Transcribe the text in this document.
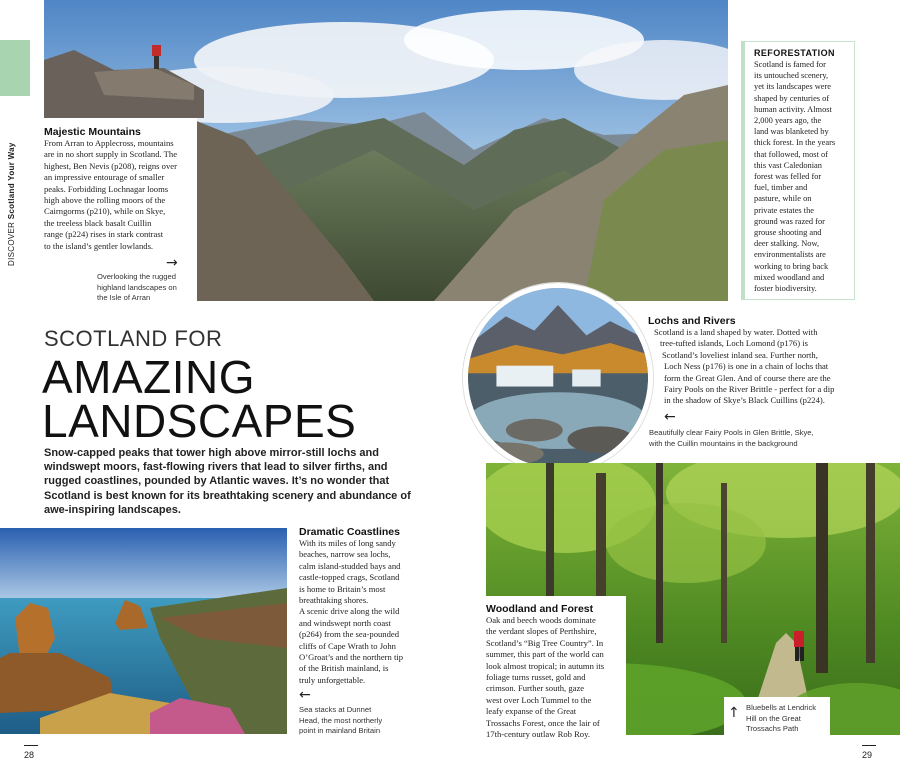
DISCOVER Scotland Your Way
Majestic Mountains
From Arran to Applecross, mountains
are in no short supply in Scotland. The
highest, Ben Nevis (p208), reigns over
an impressive entourage of smaller
peaks. Forbidding Lochnagar looms
high above the rolling moors of the
Cairngorms (p210), while on Skye,
the treeless black basalt Cuillin
range (p224) rises in stark contrast
to the island’s gentler lowlands.
→
Overlooking the rugged
highland landscapes on
the Isle of Arran
REFORESTATION
Scotland is famed for
its untouched scenery,
yet its landscapes were
shaped by centuries of
human activity. Almost
2,000 years ago, the
land was blanketed by
thick forest. In the years
that followed, most of
this vast Caledonian
forest was felled for
fuel, timber and
pasture, while on
private estates the
ground was razed for
grouse shooting and
deer stalking. Now,
environmentalists are
working to bring back
mixed woodland and
foster biodiversity.
SCOTLAND FOR
AMAZING
LANDSCAPES
Snow-capped peaks that tower high above mirror-still lochs and windswept moors, fast-flowing rivers that lead to silver firths, and rugged coastlines, pounded by Atlantic waves. It’s no wonder that Scotland is best known for its breathtaking scenery and abundance of awe-inspiring landscapes.
Lochs and Rivers
Scotland is a land shaped by water. Dotted with
tree-tufted islands, Loch Lomond (p176) is
Scotland’s loveliest inland sea. Further north,
Loch Ness (p176) is one in a chain of lochs that
form the Great Glen. And of course there are the
Fairy Pools on the River Brittle - perfect for a dip
in the shadow of Skye’s Black Cuillins (p224).
←
Beautifully clear Fairy Pools in Glen Brittle, Skye,
with the Cuillin mountains in the background
Dramatic Coastlines
With its miles of long sandy
beaches, narrow sea lochs,
calm island-studded bays and
castle-topped crags, Scotland
is home to Britain’s most
breathtaking shores.
A scenic drive along the wild
and windswept north coast
(p264) from the sea-pounded
cliffs of Cape Wrath to John
O’Groat’s and the northern tip
of the British mainland, is
truly unforgettable.
←
Sea stacks at Dunnet
Head, the most northerly
point in mainland Britain
Woodland and Forest
Oak and beech woods dominate
the verdant slopes of Perthshire,
Scotland’s “Big Tree Country”. In
summer, this part of the world can
look almost tropical; in autumn its
foliage turns russet, gold and
crimson. Further south, gaze
west over Loch Tummel to the
leafy expanse of the Great
Trossachs Forest, once the lair of
17th-century outlaw Rob Roy.
↑ Bluebells at Lendrick
Hill on the Great
Trossachs Path
28	29
